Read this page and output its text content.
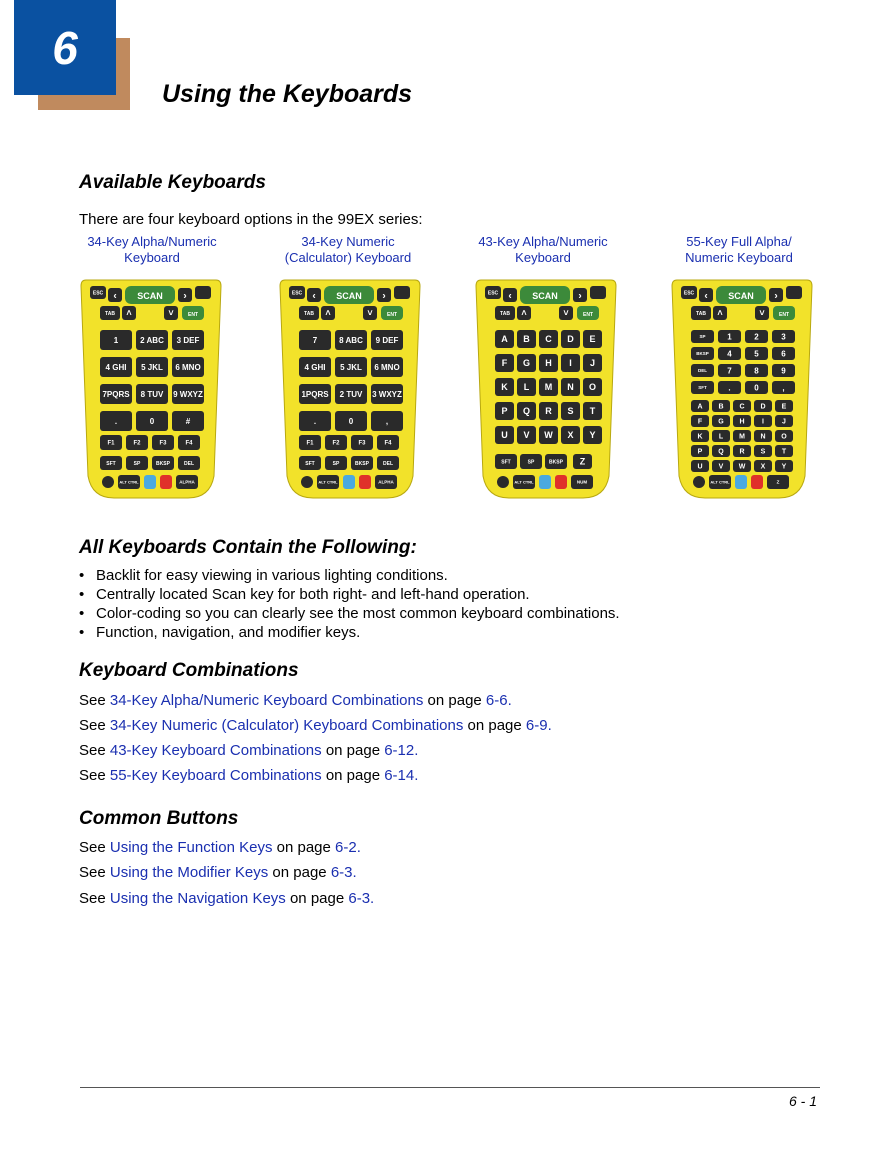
6
Using the Keyboards
Available Keyboards

There are four keyboard options in the 99EX series:

34-Key Alpha/Numeric
Keyboard
34-Key Numeric
(Calculator) Keyboard
43-Key Alpha/Numeric
Keyboard
55-Key Full Alpha/
Numeric Keyboard
ESC ‹ SCAN ›
TAB ˄	˅	ENT
1	2 ABC 3 DEF
4 GHI 5 JKL 6 MNO
7PQRS 8 TUV 9 WXYZ
.	0	#
F1	F2	F3	F4
SFT	SP	BKSP	DEL
ALT CTRL	ALPHA
ESC ‹ SCAN ›
TAB ˄	˅	ENT
7	8 ABC 9 DEF
4 GHI 5 JKL 6 MNO
1PQRS 2 TUV 3 WXYZ
.	0	,
F1	F2	F3	F4
SFT	SP	BKSP	DEL
ALT CTRL	ALPHA
ESC ‹ SCAN ›
TAB ˄	˅	ENT
A B C D E
F G H I J
K L M N O
P Q R S T
U V W X Y
SFT	SP	BKSP Z
ALT CTRL	NUM
ESC ‹ SCAN ›
TAB ˄	˅	ENT
SP	1	2	3
BKSP 4	5	6
DEL	7	8	9
SFT	.	0	,
A B C D E
F G H I	J
K L M N O
P Q R S T
U V W X Y
ALT CTRL	Z
All Keyboards Contain the Following:
• Backlit for easy viewing in various lighting conditions.
• Centrally located Scan key for both right- and left-hand operation.
• Color-coding so you can clearly see the most common keyboard combinations.
• Function, navigation, and modifier keys.
Keyboard Combinations

See 34-Key Alpha/Numeric Keyboard Combinations on page 6-6.

See 34-Key Numeric (Calculator) Keyboard Combinations on page 6-9.

See 43-Key Keyboard Combinations on page 6-12.

See 55-Key Keyboard Combinations on page 6-14.

Common Buttons

See Using the Function Keys on page 6-2.

See Using the Modifier Keys on page 6-3.

See Using the Navigation Keys on page 6-3.

6 - 1
